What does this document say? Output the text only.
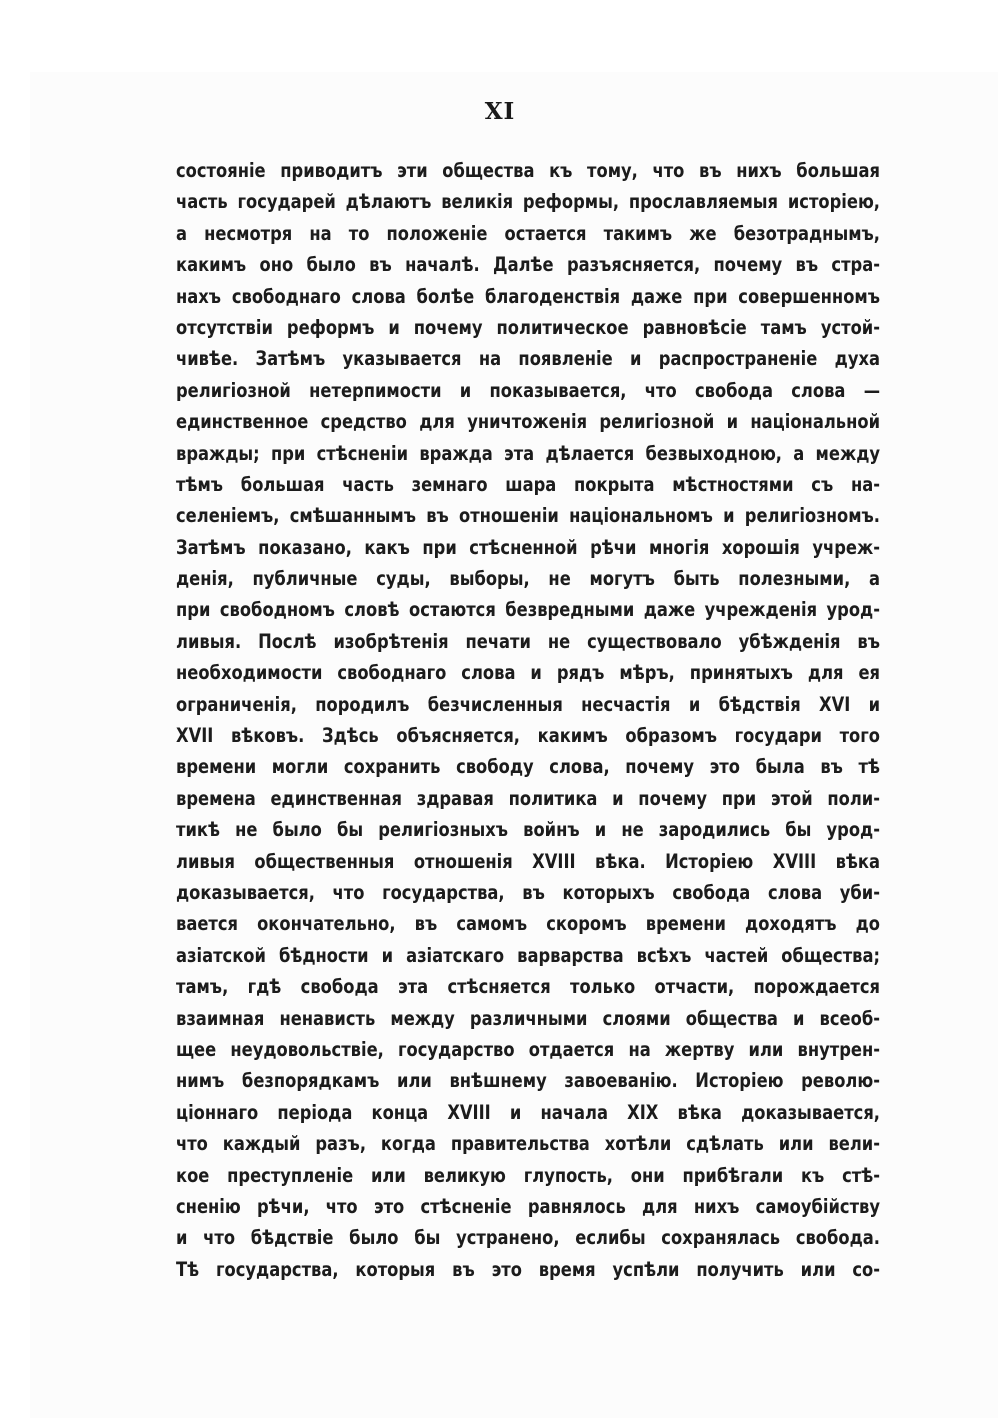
XI
состояніе приводитъ эти общества къ тому, что въ нихъ большая
часть государей дѣлаютъ великія реформы, прославляемыя исторіею,
а несмотря на то положеніе остается такимъ же безотраднымъ,
какимъ оно было въ началѣ. Далѣе разъясняется, почему въ стра-
нахъ свободнаго слова болѣе благоденствія даже при совершенномъ
отсутствіи реформъ и почему политическое равновѣсіе тамъ устой-
чивѣе. Затѣмъ указывается на появленіе и распространеніе духа
религіозной нетерпимости и показывается, что свобода слова —
единственное средство для уничтоженія религіозной и національной
вражды; при стѣсненіи вражда эта дѣлается безвыходною, а между
тѣмъ большая часть земнаго шара покрыта мѣстностями съ на-
селеніемъ, смѣшаннымъ въ отношеніи національномъ и религіозномъ.
Затѣмъ показано, какъ при стѣсненной рѣчи многія хорошія учреж-
денія, публичные суды, выборы, не могутъ быть полезными, а
при свободномъ словѣ остаются безвредными даже учрежденія урод-
ливыя. Послѣ изобрѣтенія печати не существовало убѣжденія въ
необходимости свободнаго слова и рядъ мѣръ, принятыхъ для ея
ограниченія, породилъ безчисленныя несчастія и бѣдствія XVI и
XVII вѣковъ. Здѣсь объясняется, какимъ образомъ государи того
времени могли сохранить свободу слова, почему это была въ тѣ
времена единственная здравая политика и почему при этой поли-
тикѣ не было бы религіозныхъ войнъ и не зародились бы урод-
ливыя общественныя отношенія XVIII вѣка. Исторіею XVIII вѣка
доказывается, что государства, въ которыхъ свобода слова уби-
вается окончательно, въ самомъ скоромъ времени доходятъ до
азіатской бѣдности и азіатскаго варварства всѣхъ частей общества;
тамъ, гдѣ свобода эта стѣсняется только отчасти, порождается
взаимная ненависть между различными слоями общества и всеоб-
щее неудовольствіе, государство отдается на жертву или внутрен-
нимъ безпорядкамъ или внѣшнему завоеванію. Исторіею револю-
ціоннаго періода конца XVIII и начала XIX вѣка доказывается,
что каждый разъ, когда правительства хотѣли сдѣлать или вели-
кое преступленіе или великую глупость, они прибѣгали къ стѣ-
сненію рѣчи, что это стѣсненіе равнялось для нихъ самоубійству
и что бѣдствіе было бы устранено, еслибы сохранялась свобода.
Тѣ государства, которыя въ это время успѣли получить или со-
